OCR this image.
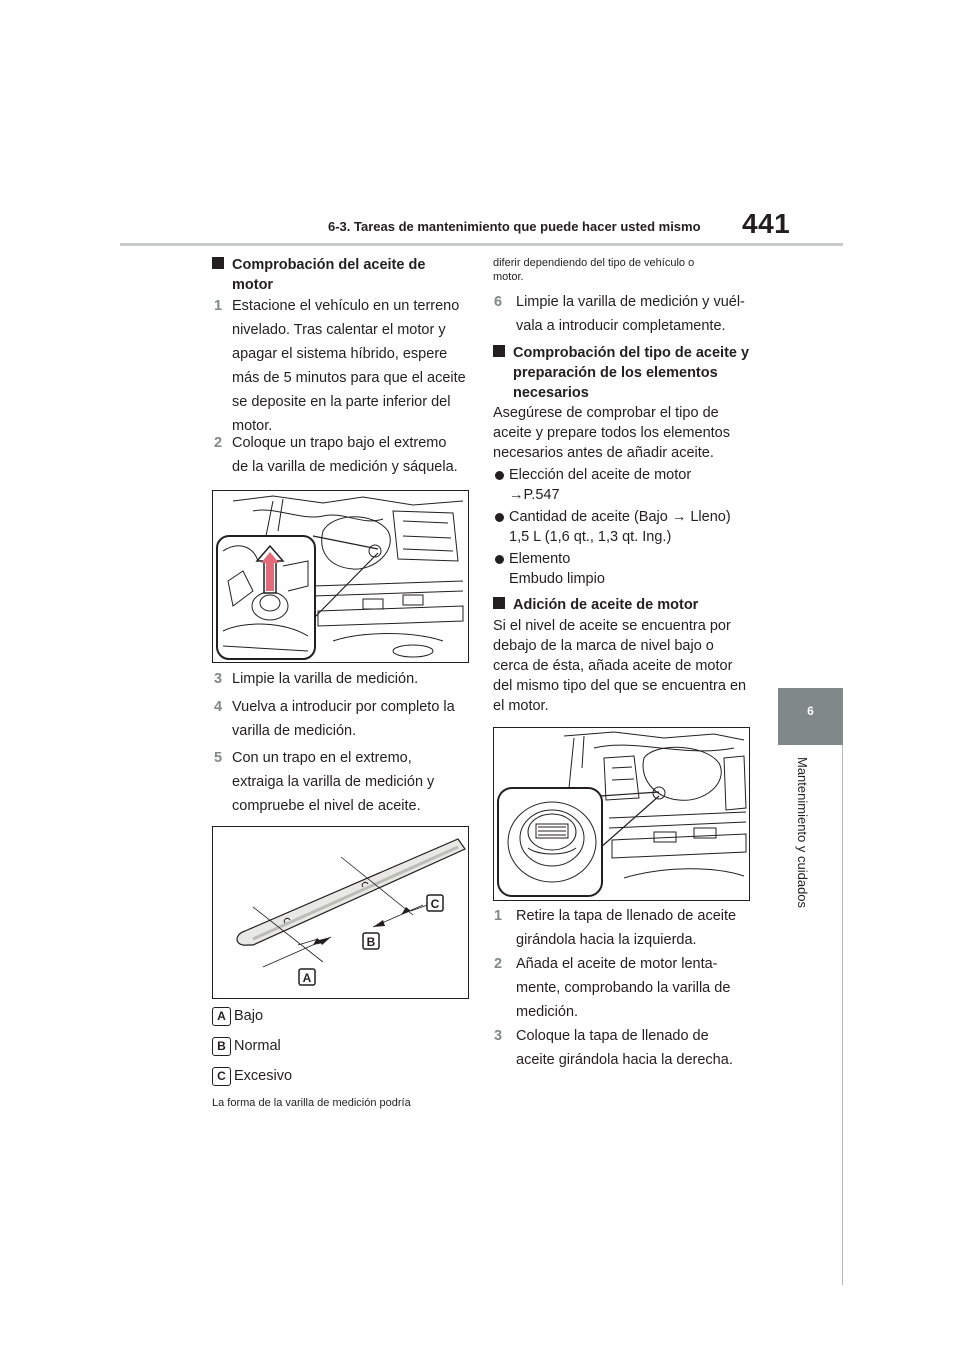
6-3. Tareas de mantenimiento que puede hacer usted mismo 441
6
Mantenimiento y cuidados
Comprobación del aceite de
motor
1 Estacione el vehículo en un terreno
nivelado. Tras calentar el motor y
apagar el sistema híbrido, espere
más de 5 minutos para que el aceite
se deposite en la parte inferior del
motor.
2 Coloque un trapo bajo el extremo
de la varilla de medición y sáquela.
3 Limpie la varilla de medición.
4 Vuelva a introducir por completo la
varilla de medición.
5 Con un trapo en el extremo,
extraiga la varilla de medición y
compruebe el nivel de aceite.
C
B
A
A Bajo
B Normal
C Excesivo
La forma de la varilla de medición podría
diferir dependiendo del tipo de vehículo o
motor.
6 Limpie la varilla de medición y vuél-
vala a introducir completamente.
Comprobación del tipo de aceite y
preparación de los elementos
necesarios
Asegúrese de comprobar el tipo de
aceite y prepare todos los elementos
necesarios antes de añadir aceite.
Elección del aceite de motor
→P.547
Cantidad de aceite (Bajo → Lleno)
1,5 L (1,6 qt., 1,3 qt. Ing.)
Elemento
Embudo limpio
Adición de aceite de motor
Si el nivel de aceite se encuentra por
debajo de la marca de nivel bajo o
cerca de ésta, añada aceite de motor
del mismo tipo del que se encuentra en
el motor.
1 Retire la tapa de llenado de aceite
girándola hacia la izquierda.
2 Añada el aceite de motor lenta-
mente, comprobando la varilla de
medición.
3 Coloque la tapa de llenado de
aceite girándola hacia la derecha.
